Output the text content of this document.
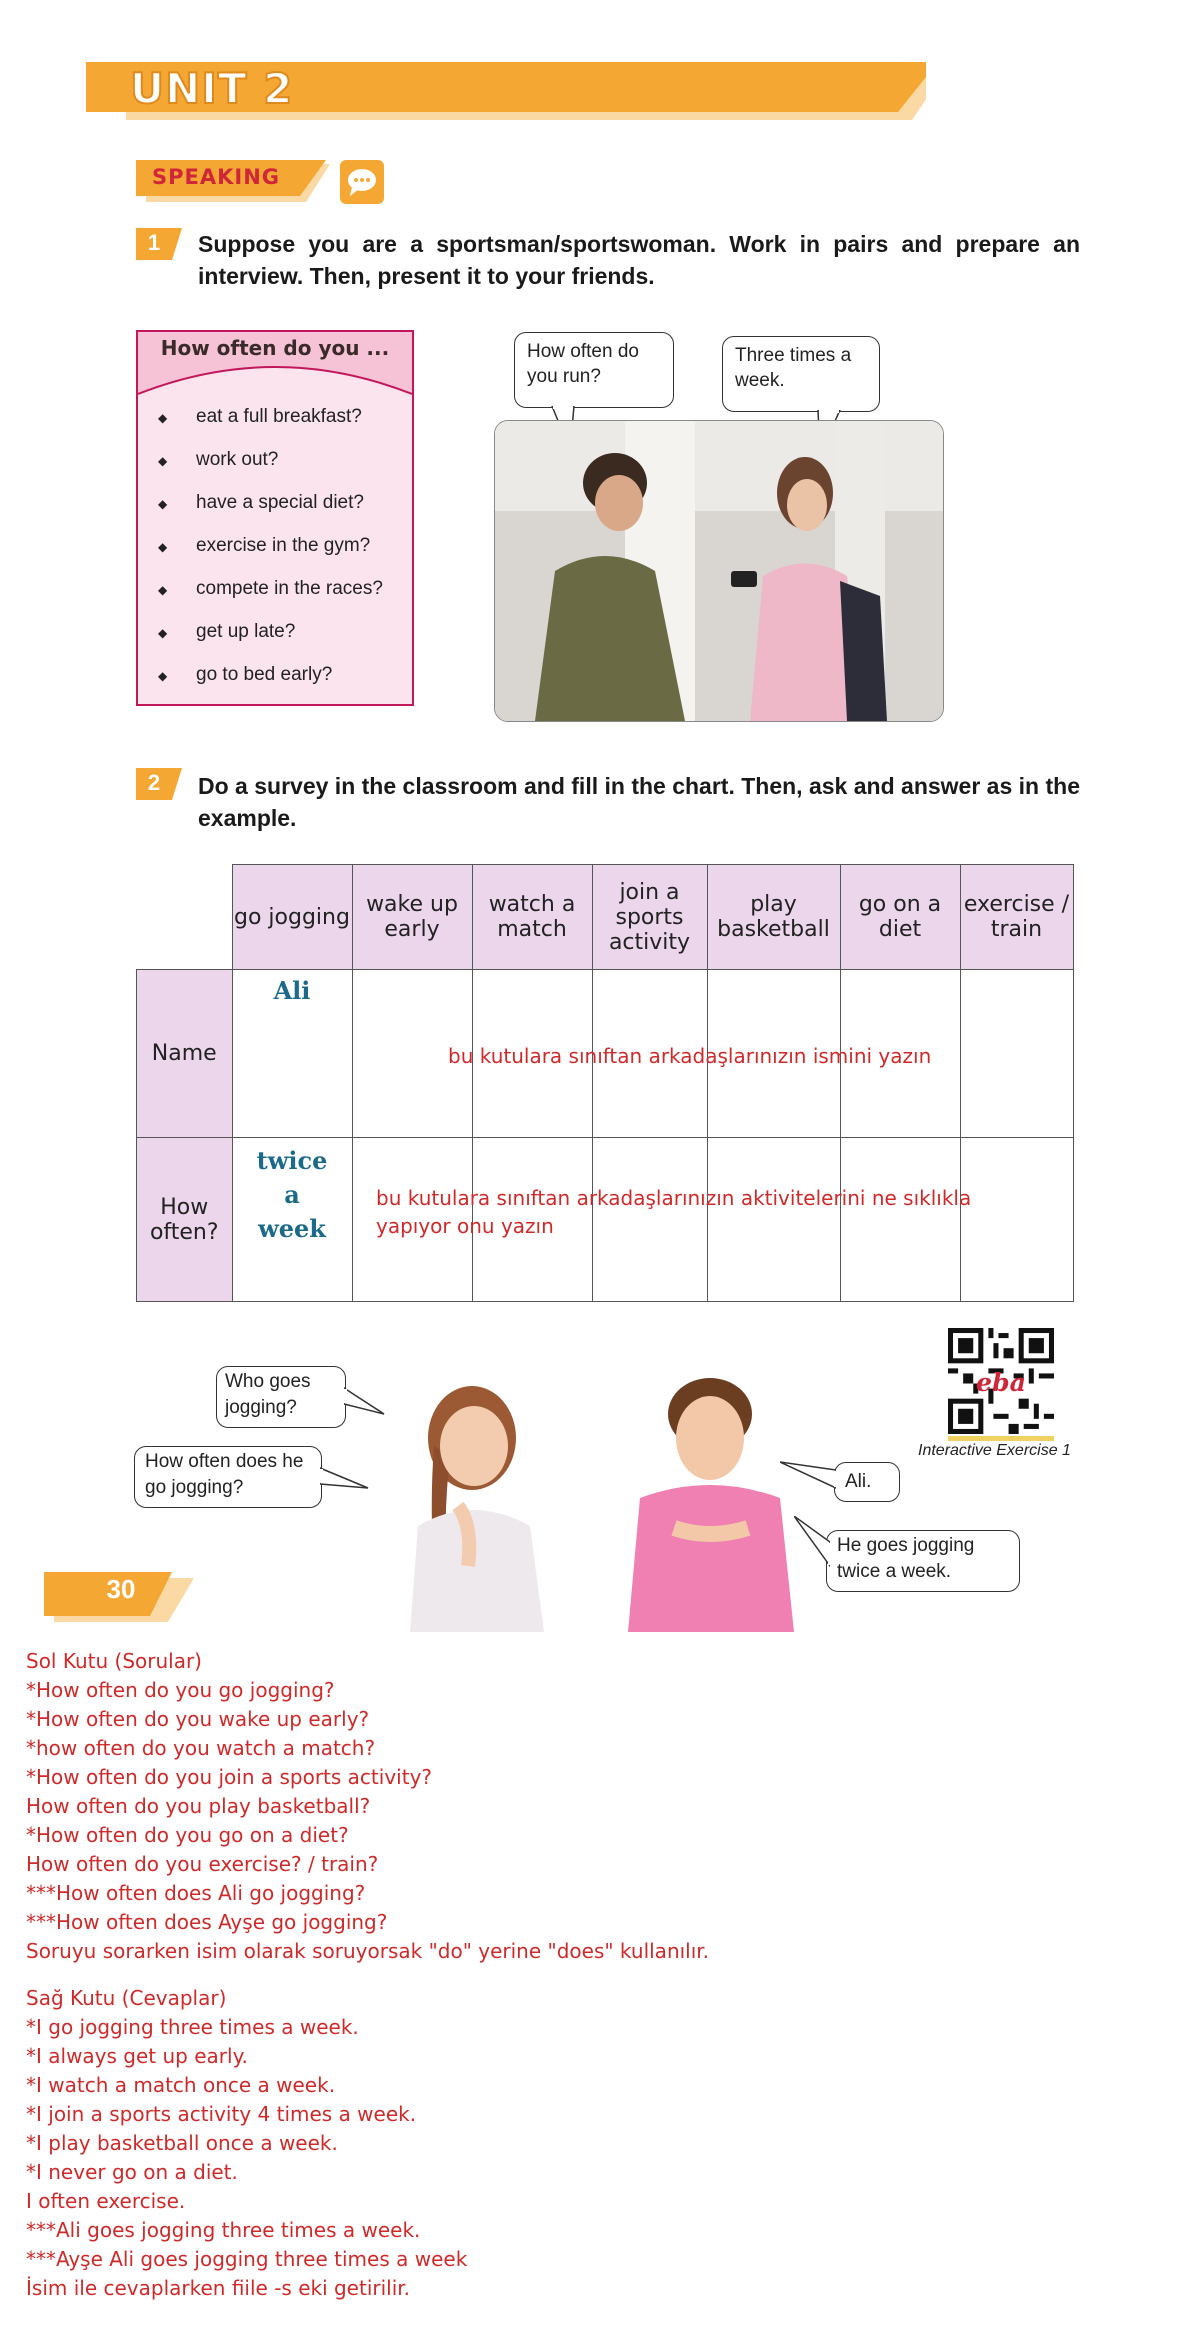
UNIT 2
SPEAKING
1	Suppose you are a sportsman/sportswoman. Work in pairs and prepare an
interview. Then, present it to your friends.
How often do you ...
◆ eat a full breakfast?
◆ work out?
◆ have a special diet?
◆ exercise in the gym?
◆ compete in the races?
◆ get up late?
◆ go to bed early?
How often do you run?
Three times a week.
2	Do a survey in the classroom and fill in the chart. Then, ask and answer as in the
example.
	go jogging	wake up early	watch a match	join a sports activity	play basketball	go on a diet	exercise / train
Name	Ali						
How often?	twice a week						
bu kutulara sınıftan arkadaşlarınızın ismini yazın
bu kutulara sınıftan arkadaşlarınızın aktivitelerini ne sıklıkla
yapıyor onu yazın
eba
Interactive Exercise 1
Who goes jogging?
How often does he go jogging?	Ali.
He goes jogging twice a week.
30
Sol Kutu (Sorular)
*How often do you go jogging?
*How often do you wake up early?
*how often do you watch a match?
*How often do you join a sports activity?
How often do you play basketball?
*How often do you go on a diet?
How often do you exercise? / train?
***How often does Ali go jogging?
***How often does Ayşe go jogging?
Soruyu sorarken isim olarak soruyorsak "do" yerine "does" kullanılır.
Sağ Kutu (Cevaplar)
*I go jogging three times a week.
*I always get up early.
*I watch a match once a week.
*I join a sports activity 4 times a week.
*I play basketball once a week.
*I never go on a diet.
I often exercise.
***Ali goes jogging three times a week.
***Ayşe Ali goes jogging three times a week
İsim ile cevaplarken fiile -s eki getirilir.
